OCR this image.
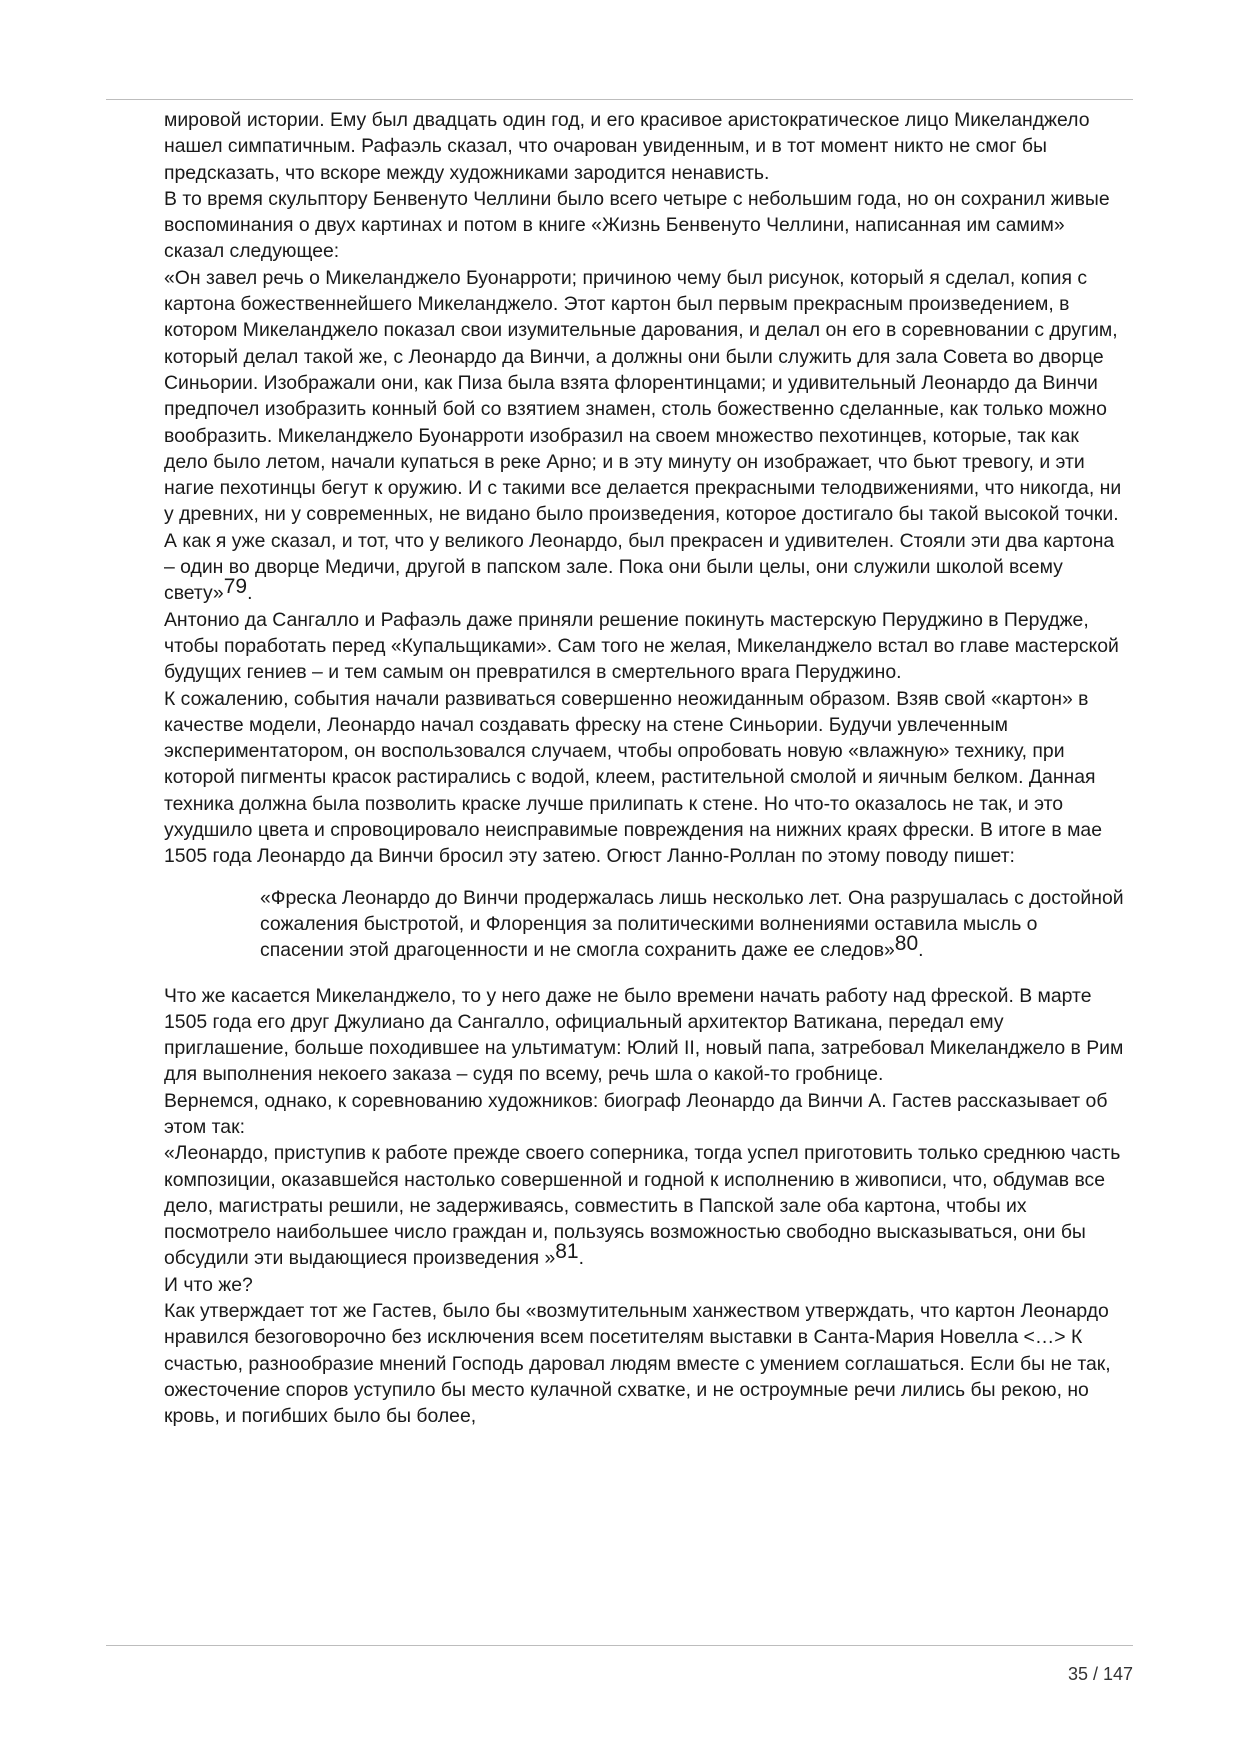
мировой истории. Ему был двадцать один год, и его красивое аристократическое лицо Микеланджело нашел симпатичным. Рафаэль сказал, что очарован увиденным, и в тот момент никто не смог бы предсказать, что вскоре между художниками зародится ненависть.

В то время скульптору Бенвенуто Челлини было всего четыре с небольшим года, но он сохранил живые воспоминания о двух картинах и потом в книге «Жизнь Бенвенуто Челлини, написанная им самим» сказал следующее:

«Он завел речь о Микеланджело Буонарроти; причиною чему был рисунок, который я сделал, копия с картона божественнейшего Микеланджело. Этот картон был первым прекрасным произведением, в котором Микеланджело показал свои изумительные дарования, и делал он его в соревновании с другим, который делал такой же, с Леонардо да Винчи, а должны они были служить для зала Совета во дворце Синьории. Изображали они, как Пиза была взята флорентинцами; и удивительный Леонардо да Винчи предпочел изобразить конный бой со взятием знамен, столь божественно сделанные, как только можно вообразить. Микеланджело Буонарроти изобразил на своем множество пехотинцев, которые, так как дело было летом, начали купаться в реке Арно; и в эту минуту он изображает, что бьют тревогу, и эти нагие пехотинцы бегут к оружию. И с такими все делается прекрасными телодвижениями, что никогда, ни у древних, ни у современных, не видано было произведения, которое достигало бы такой высокой точки. А как я уже сказал, и тот, что у великого Леонардо, был прекрасен и удивителен. Стояли эти два картона – один во дворце Медичи, другой в папском зале. Пока они были целы, они служили школой всему свету»$^{79}$.

Антонио да Сангалло и Рафаэль даже приняли решение покинуть мастерскую Перуджино в Перудже, чтобы поработать перед «Купальщиками». Сам того не желая, Микеланджело встал во главе мастерской будущих гениев – и тем самым он превратился в смертельного врага Перуджино.

К сожалению, события начали развиваться совершенно неожиданным образом. Взяв свой «картон» в качестве модели, Леонардо начал создавать фреску на стене Синьории. Будучи увлеченным экспериментатором, он воспользовался случаем, чтобы опробовать новую «влажную» технику, при которой пигменты красок растирались с водой, клеем, растительной смолой и яичным белком. Данная техника должна была позволить краске лучше прилипать к стене. Но что-то оказалось не так, и это ухудшило цвета и спровоцировало неисправимые повреждения на нижних краях фрески. В итоге в мае 1505 года Леонардо да Винчи бросил эту затею. Огюст Ланно-Роллан по этому поводу пишет:

«Фреска Леонардо до Винчи продержалась лишь несколько лет. Она разрушалась с достойной сожаления быстротой, и Флоренция за политическими волнениями оставила мысль о спасении этой драгоценности и не смогла сохранить даже ее следов»$^{80}$.

Что же касается Микеланджело, то у него даже не было времени начать работу над фреской. В марте 1505 года его друг Джулиано да Сангалло, официальный архитектор Ватикана, передал ему приглашение, больше походившее на ультиматум: Юлий II, новый папа, затребовал Микеланджело в Рим для выполнения некоего заказа – судя по всему, речь шла о какой-то гробнице.

Вернемся, однако, к соревнованию художников: биограф Леонардо да Винчи А. Гастев рассказывает об этом так:

«Леонардо, приступив к работе прежде своего соперника, тогда успел приготовить только среднюю часть композиции, оказавшейся настолько совершенной и годной к исполнению в живописи, что, обдумав все дело, магистраты решили, не задерживаясь, совместить в Папской зале оба картона, чтобы их посмотрело наибольшее число граждан и, пользуясь возможностью свободно высказываться, они бы обсудили эти выдающиеся произведения »$^{81}$.

И что же?

Как утверждает тот же Гастев, было бы «возмутительным ханжеством утверждать, что картон Леонардо нравился безоговорочно без исключения всем посетителям выставки в Санта-Мария Новелла <…> К счастью, разнообразие мнений Господь даровал людям вместе с умением соглашаться. Если бы не так, ожесточение споров уступило бы место кулачной схватке, и не остроумные речи лились бы рекою, но кровь, и погибших было бы более,

35 / 147
